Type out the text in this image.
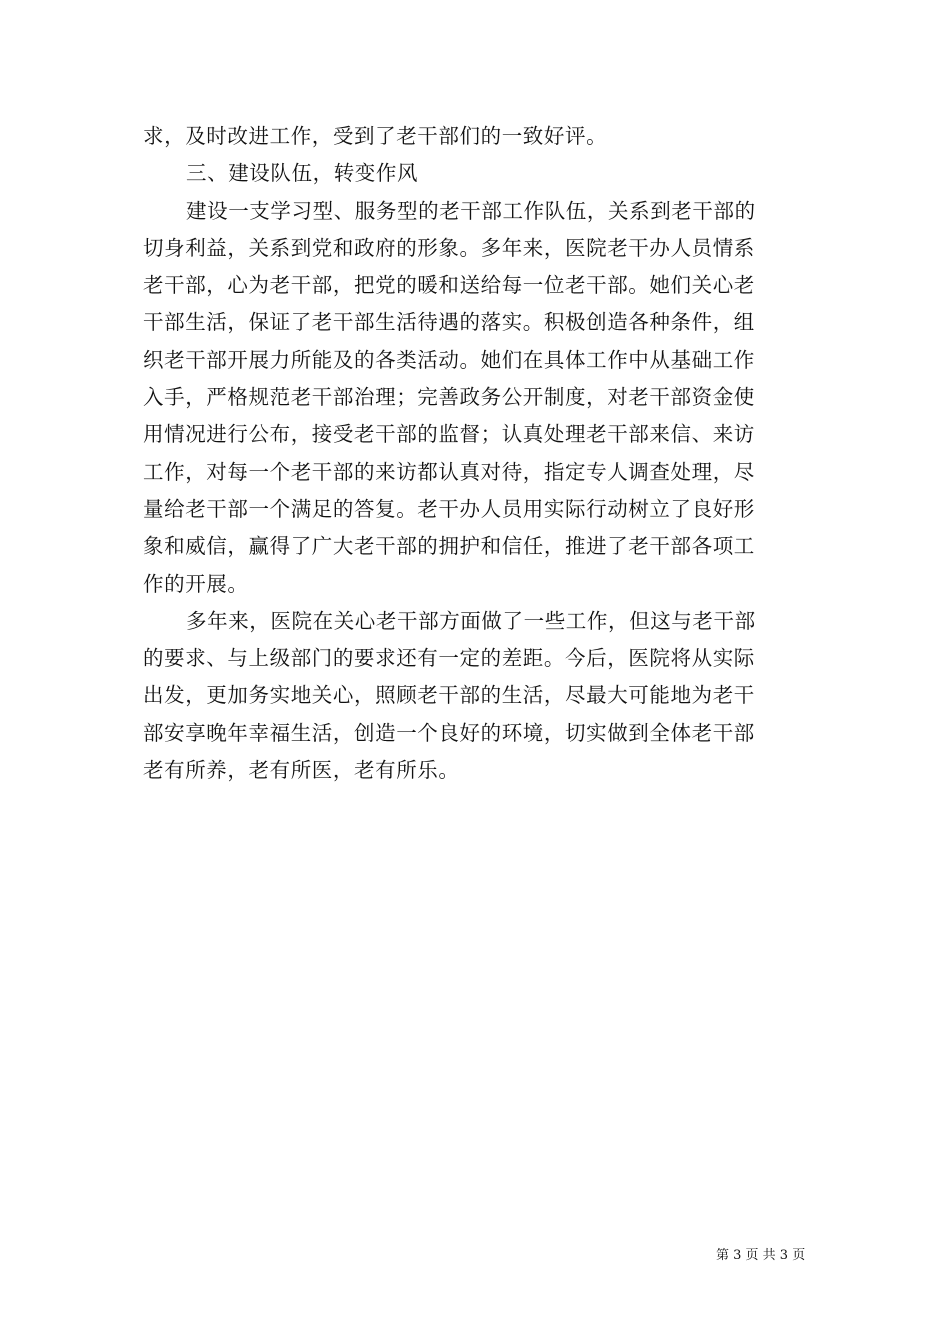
求，及时改进工作，受到了老干部们的一致好评。
三、建设队伍，转变作风
建设一支学习型、服务型的老干部工作队伍，关系到老干部的
切身利益，关系到党和政府的形象。多年来，医院老干办人员情系
老干部，心为老干部，把党的暖和送给每一位老干部。她们关心老
干部生活，保证了老干部生活待遇的落实。积极创造各种条件，组
织老干部开展力所能及的各类活动。她们在具体工作中从基础工作
入手，严格规范老干部治理；完善政务公开制度，对老干部资金使
用情况进行公布，接受老干部的监督；认真处理老干部来信、来访
工作，对每一个老干部的来访都认真对待，指定专人调查处理，尽
量给老干部一个满足的答复。老干办人员用实际行动树立了良好形
象和威信，赢得了广大老干部的拥护和信任，推进了老干部各项工
作的开展。
多年来，医院在关心老干部方面做了一些工作，但这与老干部
的要求、与上级部门的要求还有一定的差距。今后，医院将从实际
出发，更加务实地关心，照顾老干部的生活，尽最大可能地为老干
部安享晚年幸福生活，创造一个良好的环境，切实做到全体老干部
老有所养，老有所医，老有所乐。
第 3 页 共 3 页
